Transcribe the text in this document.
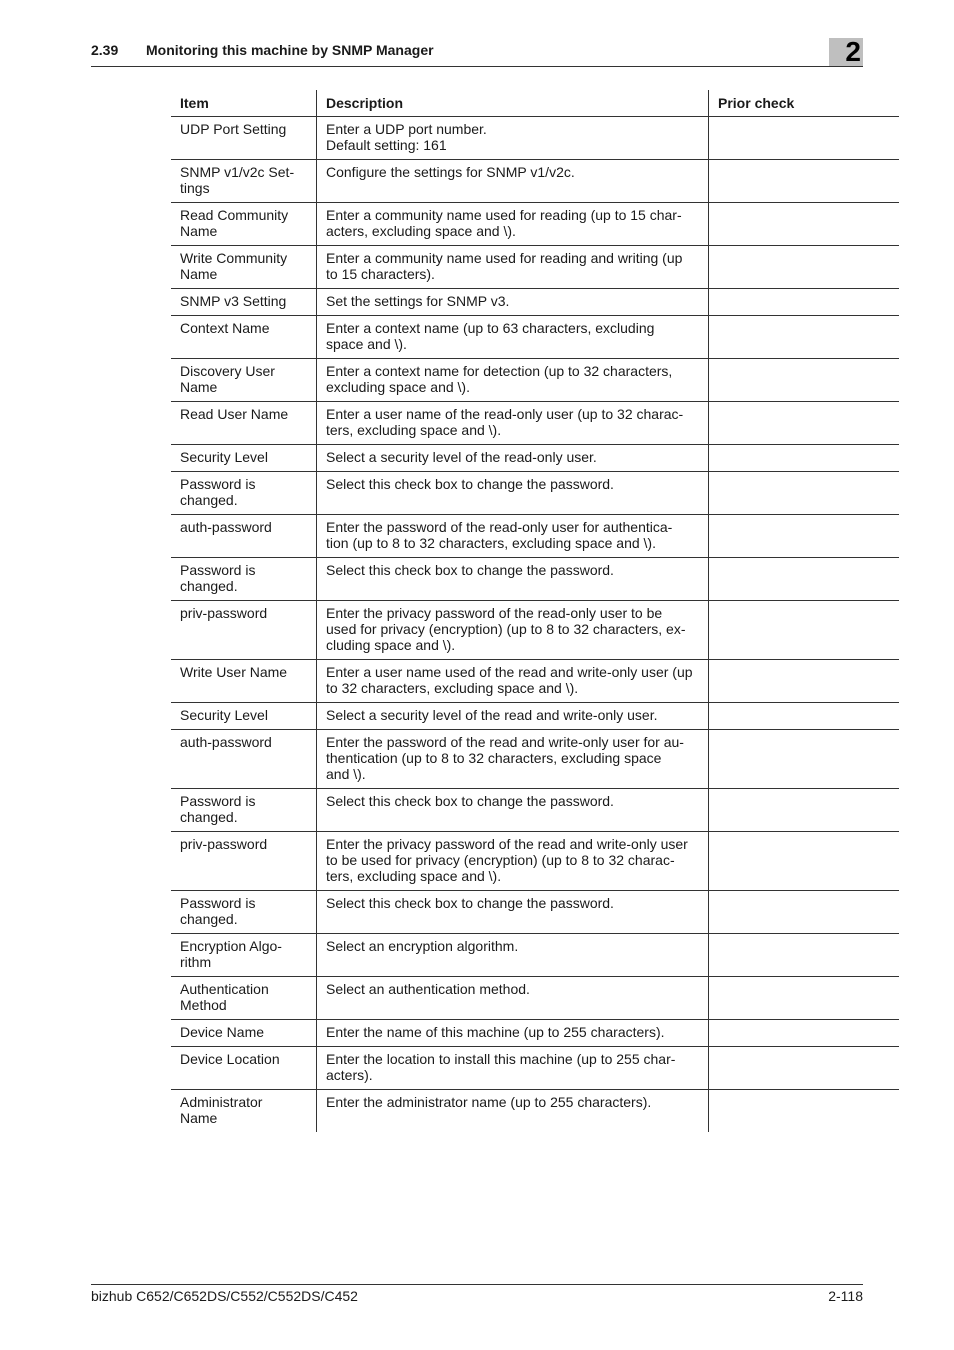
2.39 Monitoring this machine by SNMP Manager	2
Item	Description	Prior check
UDP Port Setting	Enter a UDP port number.
Default setting: 161	
SNMP v1/v2c Set-
tings	Configure the settings for SNMP v1/v2c.	
Read Community
Name	Enter a community name used for reading (up to 15 char-
acters, excluding space and \).	
Write Community
Name	Enter a community name used for reading and writing (up
to 15 characters).	
SNMP v3 Setting	Set the settings for SNMP v3.	
Context Name	Enter a context name (up to 63 characters, excluding
space and \).	
Discovery User
Name	Enter a context name for detection (up to 32 characters,
excluding space and \).	
Read User Name	Enter a user name of the read-only user (up to 32 charac-
ters, excluding space and \).	
Security Level	Select a security level of the read-only user.	
Password is
changed.	Select this check box to change the password.	
auth-password	Enter the password of the read-only user for authentica-
tion (up to 8 to 32 characters, excluding space and \).	
Password is
changed.	Select this check box to change the password.	
priv-password	Enter the privacy password of the read-only user to be
used for privacy (encryption) (up to 8 to 32 characters, ex-
cluding space and \).	
Write User Name	Enter a user name used of the read and write-only user (up
to 32 characters, excluding space and \).	
Security Level	Select a security level of the read and write-only user.	
auth-password	Enter the password of the read and write-only user for au-
thentication (up to 8 to 32 characters, excluding space
and \).	
Password is
changed.	Select this check box to change the password.	
priv-password	Enter the privacy password of the read and write-only user
to be used for privacy (encryption) (up to 8 to 32 charac-
ters, excluding space and \).	
Password is
changed.	Select this check box to change the password.	
Encryption Algo-
rithm	Select an encryption algorithm.	
Authentication
Method	Select an authentication method.	
Device Name	Enter the name of this machine (up to 255 characters).	
Device Location	Enter the location to install this machine (up to 255 char-
acters).	
Administrator
Name	Enter the administrator name (up to 255 characters).	
bizhub C652/C652DS/C552/C552DS/C452	2-118
